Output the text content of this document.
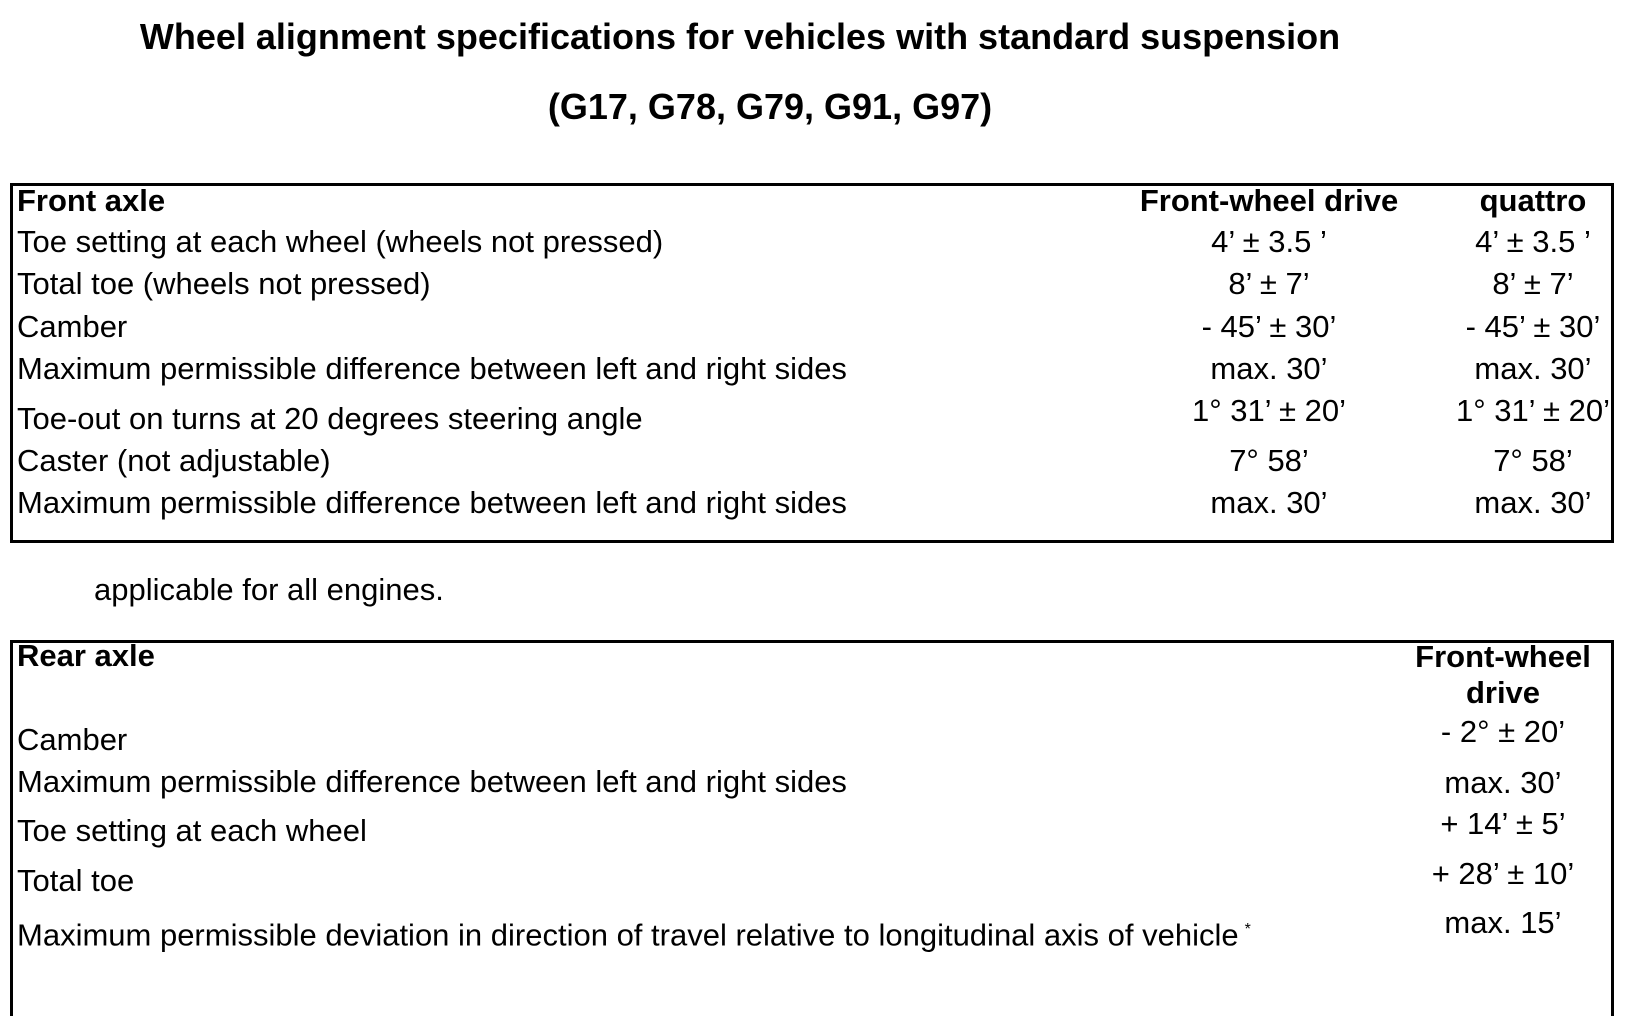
Wheel alignment specifications for vehicles with standard suspension
(G17, G78, G79, G91, G97)
Front axle	Front-wheel drive	quattro
Toe setting at each wheel (wheels not pressed)	4’ ± 3.5 ’	4’ ± 3.5 ’
Total toe (wheels not pressed)	8’ ± 7’	8’ ± 7’
Camber	- 45’ ± 30’	- 45’ ± 30’
Maximum permissible difference between left and right sides	max. 30’	max. 30’
Toe-out on turns at 20 degrees steering angle	1° 31’ ± 20’	1° 31’ ± 20’
Caster (not adjustable)	7° 58’	7° 58’
Maximum permissible difference between left and right sides	max. 30’	max. 30’
applicable for all engines.
Rear axle	Front-wheel
drive
Camber	- 2° ± 20’
Maximum permissible difference between left and right sides	max. 30’
Toe setting at each wheel	+ 14’ ± 5’
Total toe	+ 28’ ± 10’
Maximum permissible deviation in direction of travel relative to longitudinal axis of vehicle *	max. 15’
